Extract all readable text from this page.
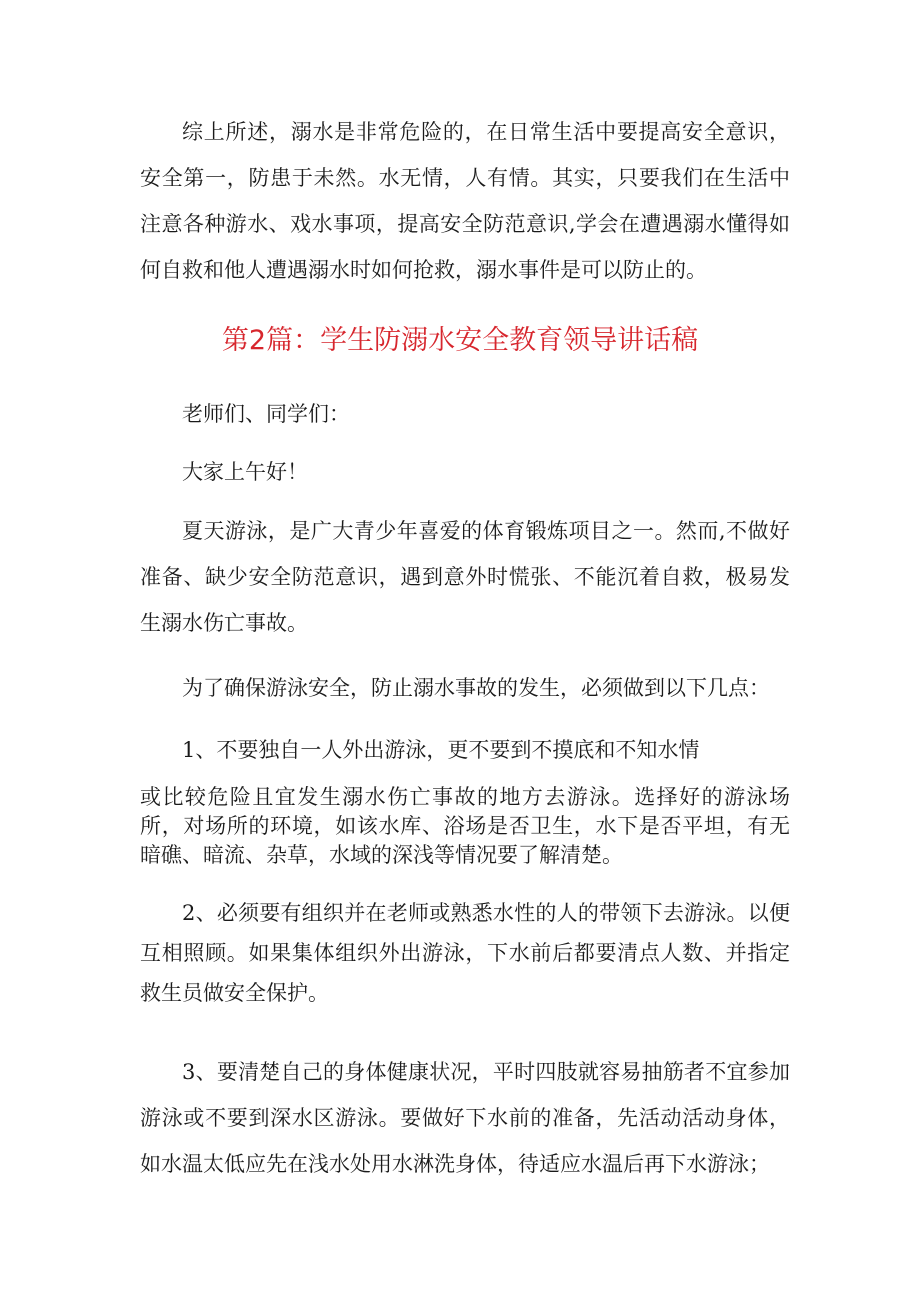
综上所述，溺水是非常危险的，在日常生活中要提高安全意识，安全第一，防患于未然。水无情，人有情。其实，只要我们在生活中注意各种游水、戏水事项，提高安全防范意识,学会在遭遇溺水懂得如何自救和他人遭遇溺水时如何抢救，溺水事件是可以防止的。

第2篇：学生防溺水安全教育领导讲话稿

老师们、同学们：

大家上午好！

夏天游泳，是广大青少年喜爱的体育锻炼项目之一。然而,不做好准备、缺少安全防范意识，遇到意外时慌张、不能沉着自救，极易发生溺水伤亡事故。

为了确保游泳安全，防止溺水事故的发生，必须做到以下几点：

1、不要独自一人外出游泳，更不要到不摸底和不知水情

或比较危险且宜发生溺水伤亡事故的地方去游泳。选择好的游泳场所，对场所的环境，如该水库、浴场是否卫生，水下是否平坦，有无暗礁、暗流、杂草，水域的深浅等情况要了解清楚。

2、必须要有组织并在老师或熟悉水性的人的带领下去游泳。以便互相照顾。如果集体组织外出游泳，下水前后都要清点人数、并指定救生员做安全保护。

3、要清楚自己的身体健康状况，平时四肢就容易抽筋者不宜参加游泳或不要到深水区游泳。要做好下水前的准备，先活动活动身体，如水温太低应先在浅水处用水淋洗身体，待适应水温后再下水游泳；
